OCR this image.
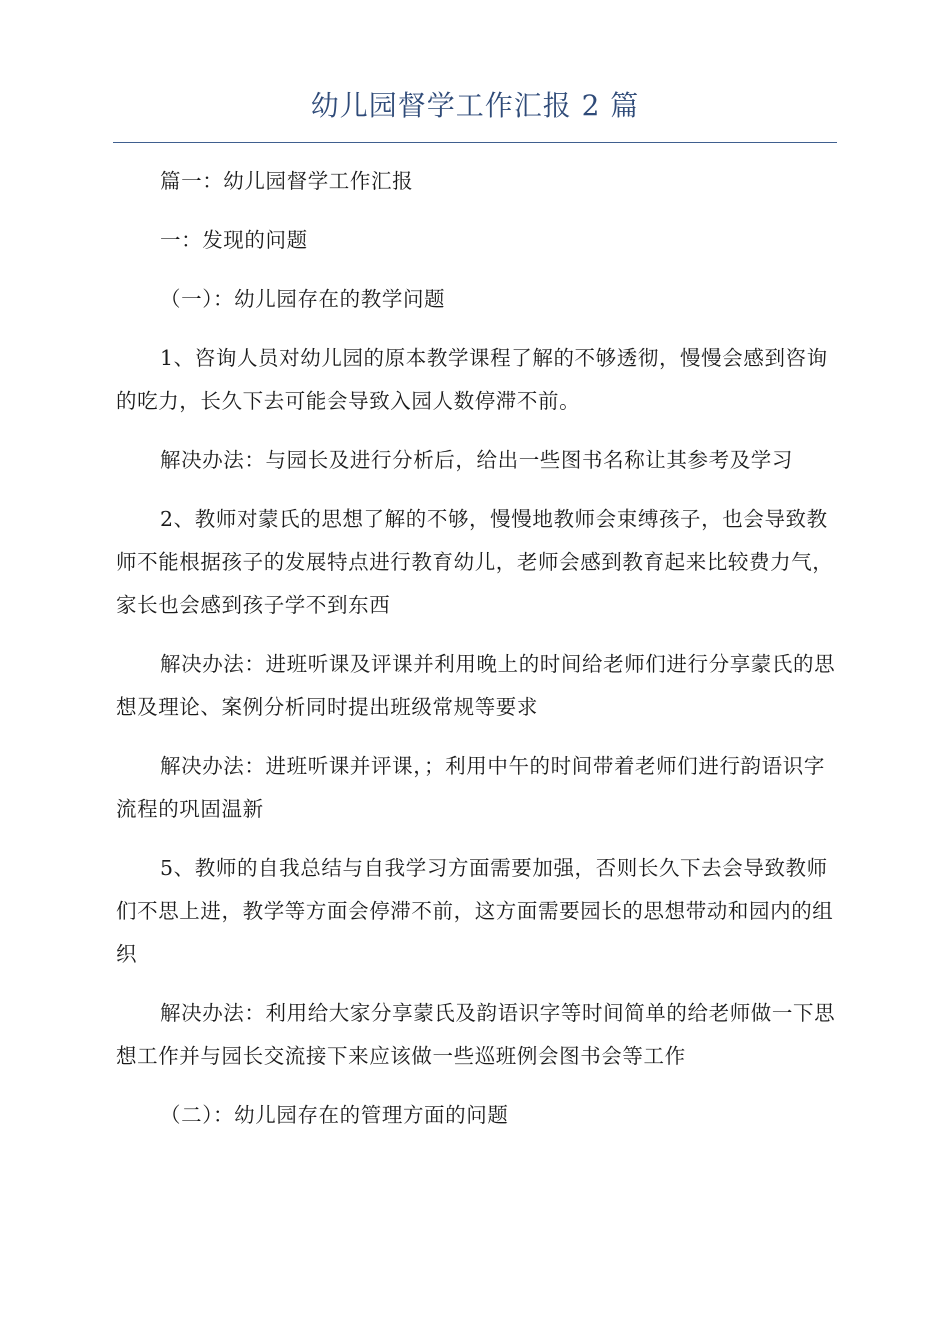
幼儿园督学工作汇报 2 篇

篇一：幼儿园督学工作汇报

一：发现的问题

（一）：幼儿园存在的教学问题

1、咨询人员对幼儿园的原本教学课程了解的不够透彻，慢慢会感到咨询的吃力，长久下去可能会导致入园人数停滞不前。

解决办法：与园长及进行分析后，给出一些图书名称让其参考及学习

2、教师对蒙氏的思想了解的不够，慢慢地教师会束缚孩子，也会导致教师不能根据孩子的发展特点进行教育幼儿，老师会感到教育起来比较费力气，家长也会感到孩子学不到东西

解决办法：进班听课及评课并利用晚上的时间给老师们进行分享蒙氏的思想及理论、案例分析同时提出班级常规等要求

解决办法：进班听课并评课，；利用中午的时间带着老师们进行韵语识字流程的巩固温新

5、教师的自我总结与自我学习方面需要加强，否则长久下去会导致教师们不思上进，教学等方面会停滞不前，这方面需要园长的思想带动和园内的组织

解决办法：利用给大家分享蒙氏及韵语识字等时间简单的给老师做一下思想工作并与园长交流接下来应该做一些巡班例会图书会等工作

（二）：幼儿园存在的管理方面的问题
